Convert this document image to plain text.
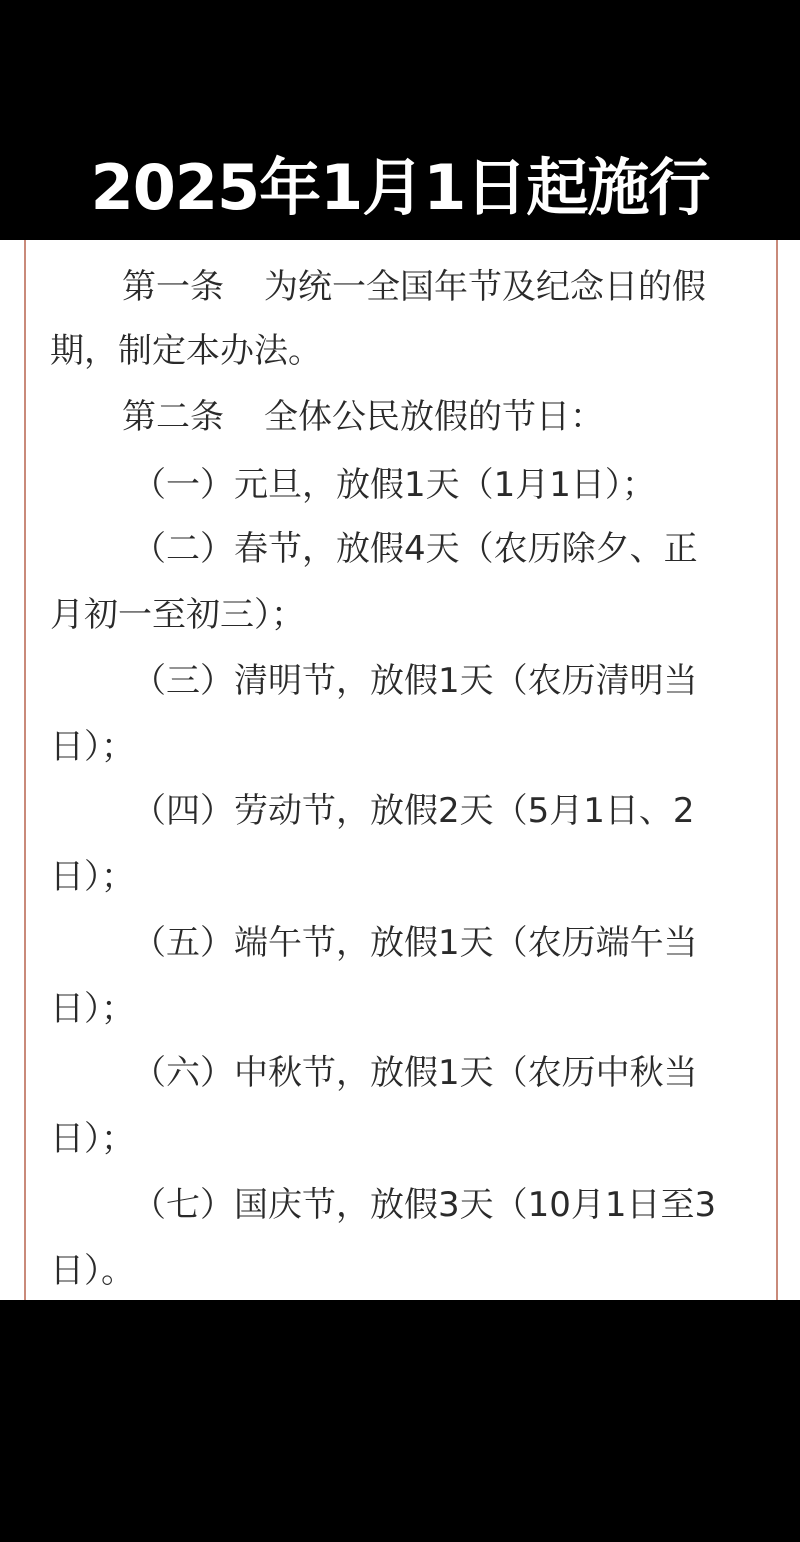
2025年1月1日起施行
第一条 为统一全国年节及纪念日的假
期，制定本办法。
第二条 全体公民放假的节日：
（一）元旦，放假1天（1月1日）；
（二）春节，放假4天（农历除夕、正
月初一至初三）；
（三）清明节，放假1天（农历清明当
日）；
（四）劳动节，放假2天（5月1日、2
日）；
（五）端午节，放假1天（农历端午当
日）；
（六）中秋节，放假1天（农历中秋当
日）；
（七）国庆节，放假3天（10月1日至3
日）。
